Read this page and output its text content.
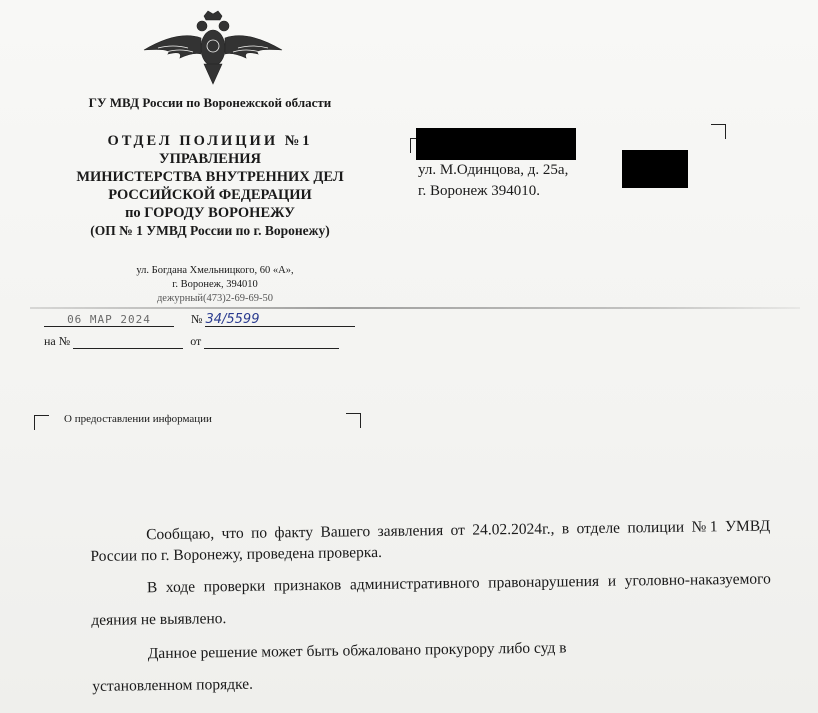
ГУ МВД России по Воронежской области
ОТДЕЛ ПОЛИЦИИ №1
УПРАВЛЕНИЯ
МИНИСТЕРСТВА ВНУТРЕННИХ ДЕЛ
РОССИЙСКОЙ ФЕДЕРАЦИИ
по ГОРОДУ ВОРОНЕЖУ
(ОП № 1 УМВД России по г. Воронежу)
ул. Богдана Хмельницкого, 60 «А»,
г. Воронеж, 394010
дежурный(473)2-69-69-50
06 МАР 2024	№ 34/5599
на №	от
ул. М.Одинцова, д. 25а,
г. Воронеж 394010.
О предоставлении информации

Сообщаю, что по факту Вашего заявления от 24.02.2024г., в отделе полиции №1 УМВД России по г. Воронежу, проведена проверка.

В ходе проверки признаков административного правонарушения и уголовно-наказуемого деяния не выявлено.

Данное решение может быть обжаловано прокурору либо суд в
установленном порядке.
